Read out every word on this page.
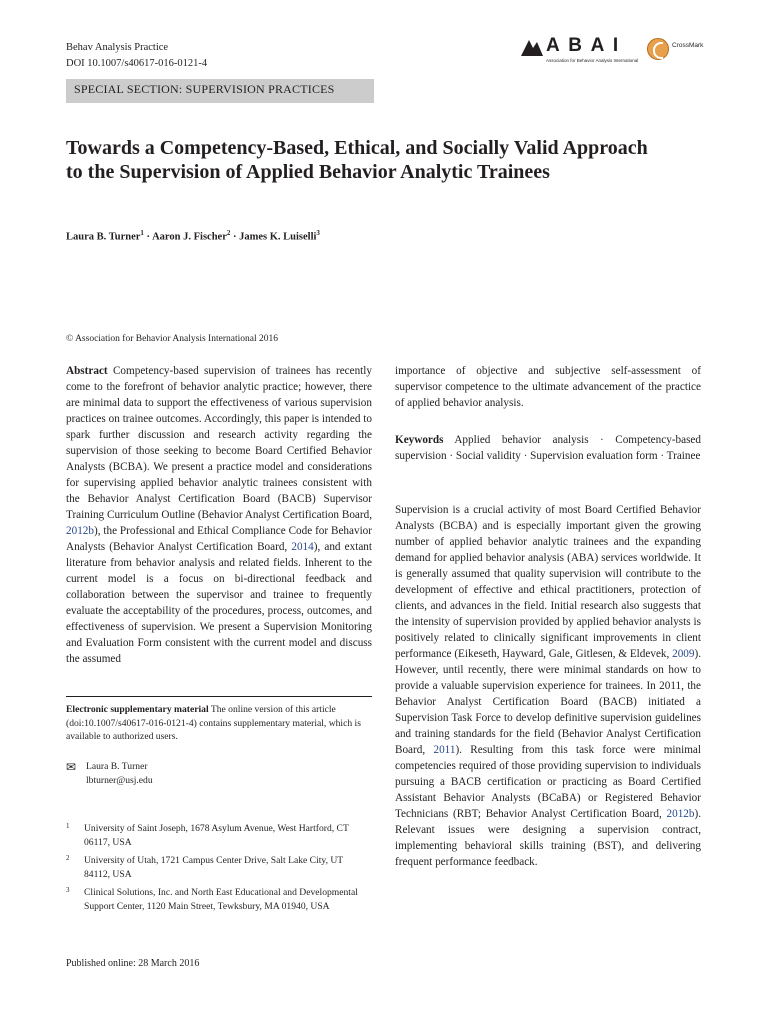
Behav Analysis Practice
DOI 10.1007/s40617-016-0121-4
A B A I
Association for Behavior Analysis International
CrossMark
SPECIAL SECTION: SUPERVISION PRACTICES
Towards a Competency-Based, Ethical, and Socially Valid Approach to the Supervision of Applied Behavior Analytic Trainees
Laura B. Turner$^1$ · Aaron J. Fischer$^2$ · James K. Luiselli$^3$
© Association for Behavior Analysis International 2016

Abstract Competency-based supervision of trainees has recently come to the forefront of behavior analytic practice; however, there are minimal data to support the effectiveness of various supervision practices on trainee outcomes. Accordingly, this paper is intended to spark further discussion and research activity regarding the supervision of those seeking to become Board Certified Behavior Analysts (BCBA). We present a practice model and considerations for supervising applied behavior analytic trainees consistent with the Behavior Analyst Certification Board (BACB) Supervisor Training Curriculum Outline (Behavior Analyst Certification Board, 2012b), the Professional and Ethical Compliance Code for Behavior Analysts (Behavior Analyst Certification Board, 2014), and extant literature from behavior analysis and related fields. Inherent to the current model is a focus on bi-directional feedback and collaboration between the supervisor and trainee to frequently evaluate the acceptability of the procedures, process, outcomes, and effectiveness of supervision. We present a Supervision Monitoring and Evaluation Form consistent with the current model and discuss the assumed

importance of objective and subjective self-assessment of supervisor competence to the ultimate advancement of the practice of applied behavior analysis.

Keywords Applied behavior analysis · Competency-based supervision · Social validity · Supervision evaluation form · Trainee

Supervision is a crucial activity of most Board Certified Behavior Analysts (BCBA) and is especially important given the growing number of applied behavior analytic trainees and the expanding demand for applied behavior analysis (ABA) services worldwide. It is generally assumed that quality supervision will contribute to the development of effective and ethical practitioners, protection of clients, and advances in the field. Initial research also suggests that the intensity of supervision provided by applied behavior analysts is positively related to clinically significant improvements in client performance (Eikeseth, Hayward, Gale, Gitlesen, & Eldevek, 2009). However, until recently, there were minimal standards on how to provide a valuable supervision experience for trainees. In 2011, the Behavior Analyst Certification Board (BACB) initiated a Supervision Task Force to develop definitive supervision guidelines and training standards for the field (Behavior Analyst Certification Board, 2011). Resulting from this task force were minimal competencies required of those providing supervision to individuals pursuing a BACB certification or practicing as Board Certified Assistant Behavior Analysts (BCaBA) or Registered Behavior Technicians (RBT; Behavior Analyst Certification Board, 2012b). Relevant issues were designing a supervision contract, implementing behavioral skills training (BST), and delivering frequent performance feedback.

Electronic supplementary material The online version of this article (doi:10.1007/s40617-016-0121-4) contains supplementary material, which is available to authorized users.
✉ Laura B. Turner
lbturner@usj.edu
1 University of Saint Joseph, 1678 Asylum Avenue, West Hartford, CT 06117, USA
2 University of Utah, 1721 Campus Center Drive, Salt Lake City, UT 84112, USA
3 Clinical Solutions, Inc. and North East Educational and Developmental Support Center, 1120 Main Street, Tewksbury, MA 01940, USA
Published online: 28 March 2016
